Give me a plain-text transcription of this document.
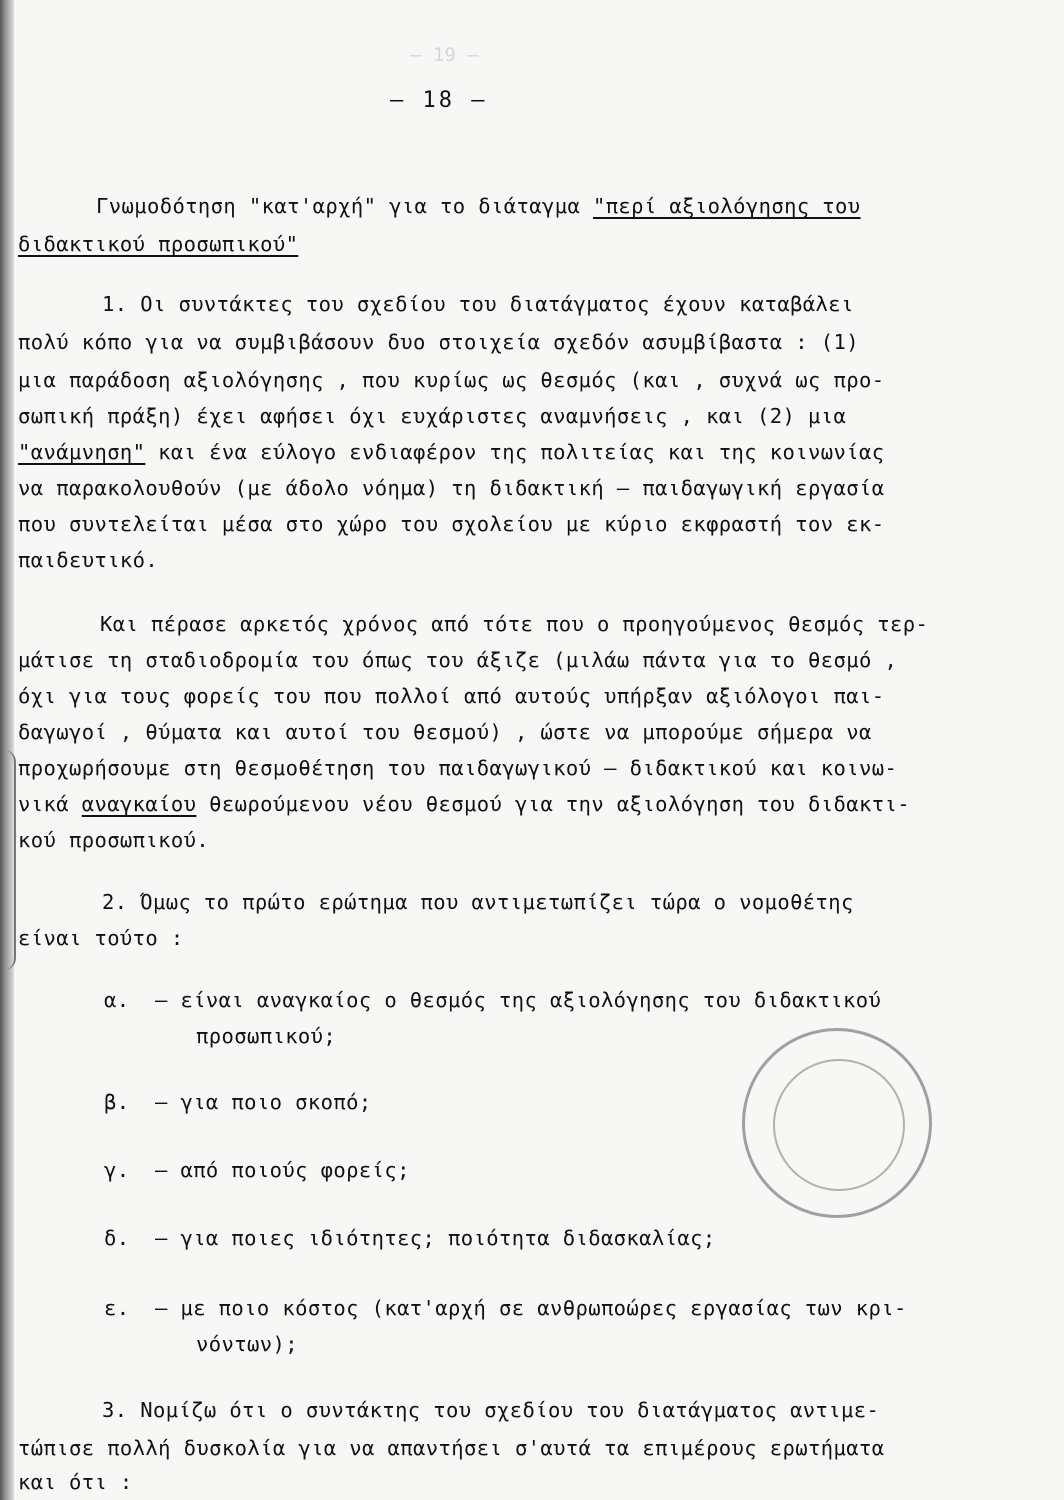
– 19 –
– 18 –
Γνωμοδότηση "κατ'αρχή" για το διάταγμα "περί αξιολόγησης του
διδακτικού προσωπικού"
1. Οι συντάκτες του σχεδίου του διατάγματος έχουν καταβάλει
πολύ κόπο για να συμβιβάσουν δυο στοιχεία σχεδόν ασυμβίβαστα : (1)
μια παράδοση αξιολόγησης , που κυρίως ως θεσμός (και , συχνά ως προ-
σωπική πράξη) έχει αφήσει όχι ευχάριστες αναμνήσεις , και (2) μια
"ανάμνηση" και ένα εύλογο ενδιαφέρον της πολιτείας και της κοινωνίας
να παρακολουθούν (με άδολο νόημα) τη διδακτική – παιδαγωγική εργασία
που συντελείται μέσα στο χώρο του σχολείου με κύριο εκφραστή τον εκ-
παιδευτικό.
Και πέρασε αρκετός χρόνος από τότε που ο προηγούμενος θεσμός τερ-
μάτισε τη σταδιοδρομία του όπως του άξιζε (μιλάω πάντα για το θεσμό ,
όχι για τους φορείς του που πολλοί από αυτούς υπήρξαν αξιόλογοι παι-
δαγωγοί , θύματα και αυτοί του θεσμού) , ώστε να μπορούμε σήμερα να
προχωρήσουμε στη θεσμοθέτηση του παιδαγωγικού – διδακτικού και κοινω-
νικά αναγκαίου θεωρούμενου νέου θεσμού για την αξιολόγηση του διδακτι-
κού προσωπικού.
2. Όμως το πρώτο ερώτημα που αντιμετωπίζει τώρα ο νομοθέτης
είναι τούτο :
α. – είναι αναγκαίος ο θεσμός της αξιολόγησης του διδακτικού
προσωπικού;
β. – για ποιο σκοπό;
γ. – από ποιούς φορείς;
δ. – για ποιες ιδιότητες; ποιότητα διδασκαλίας;
ε. – με ποιο κόστος (κατ'αρχή σε ανθρωποώρες εργασίας των κρι-
νόντων);
3. Νομίζω ότι ο συντάκτης του σχεδίου του διατάγματος αντιμε-
τώπισε πολλή δυσκολία για να απαντήσει σ'αυτά τα επιμέρους ερωτήματα
και ότι :
